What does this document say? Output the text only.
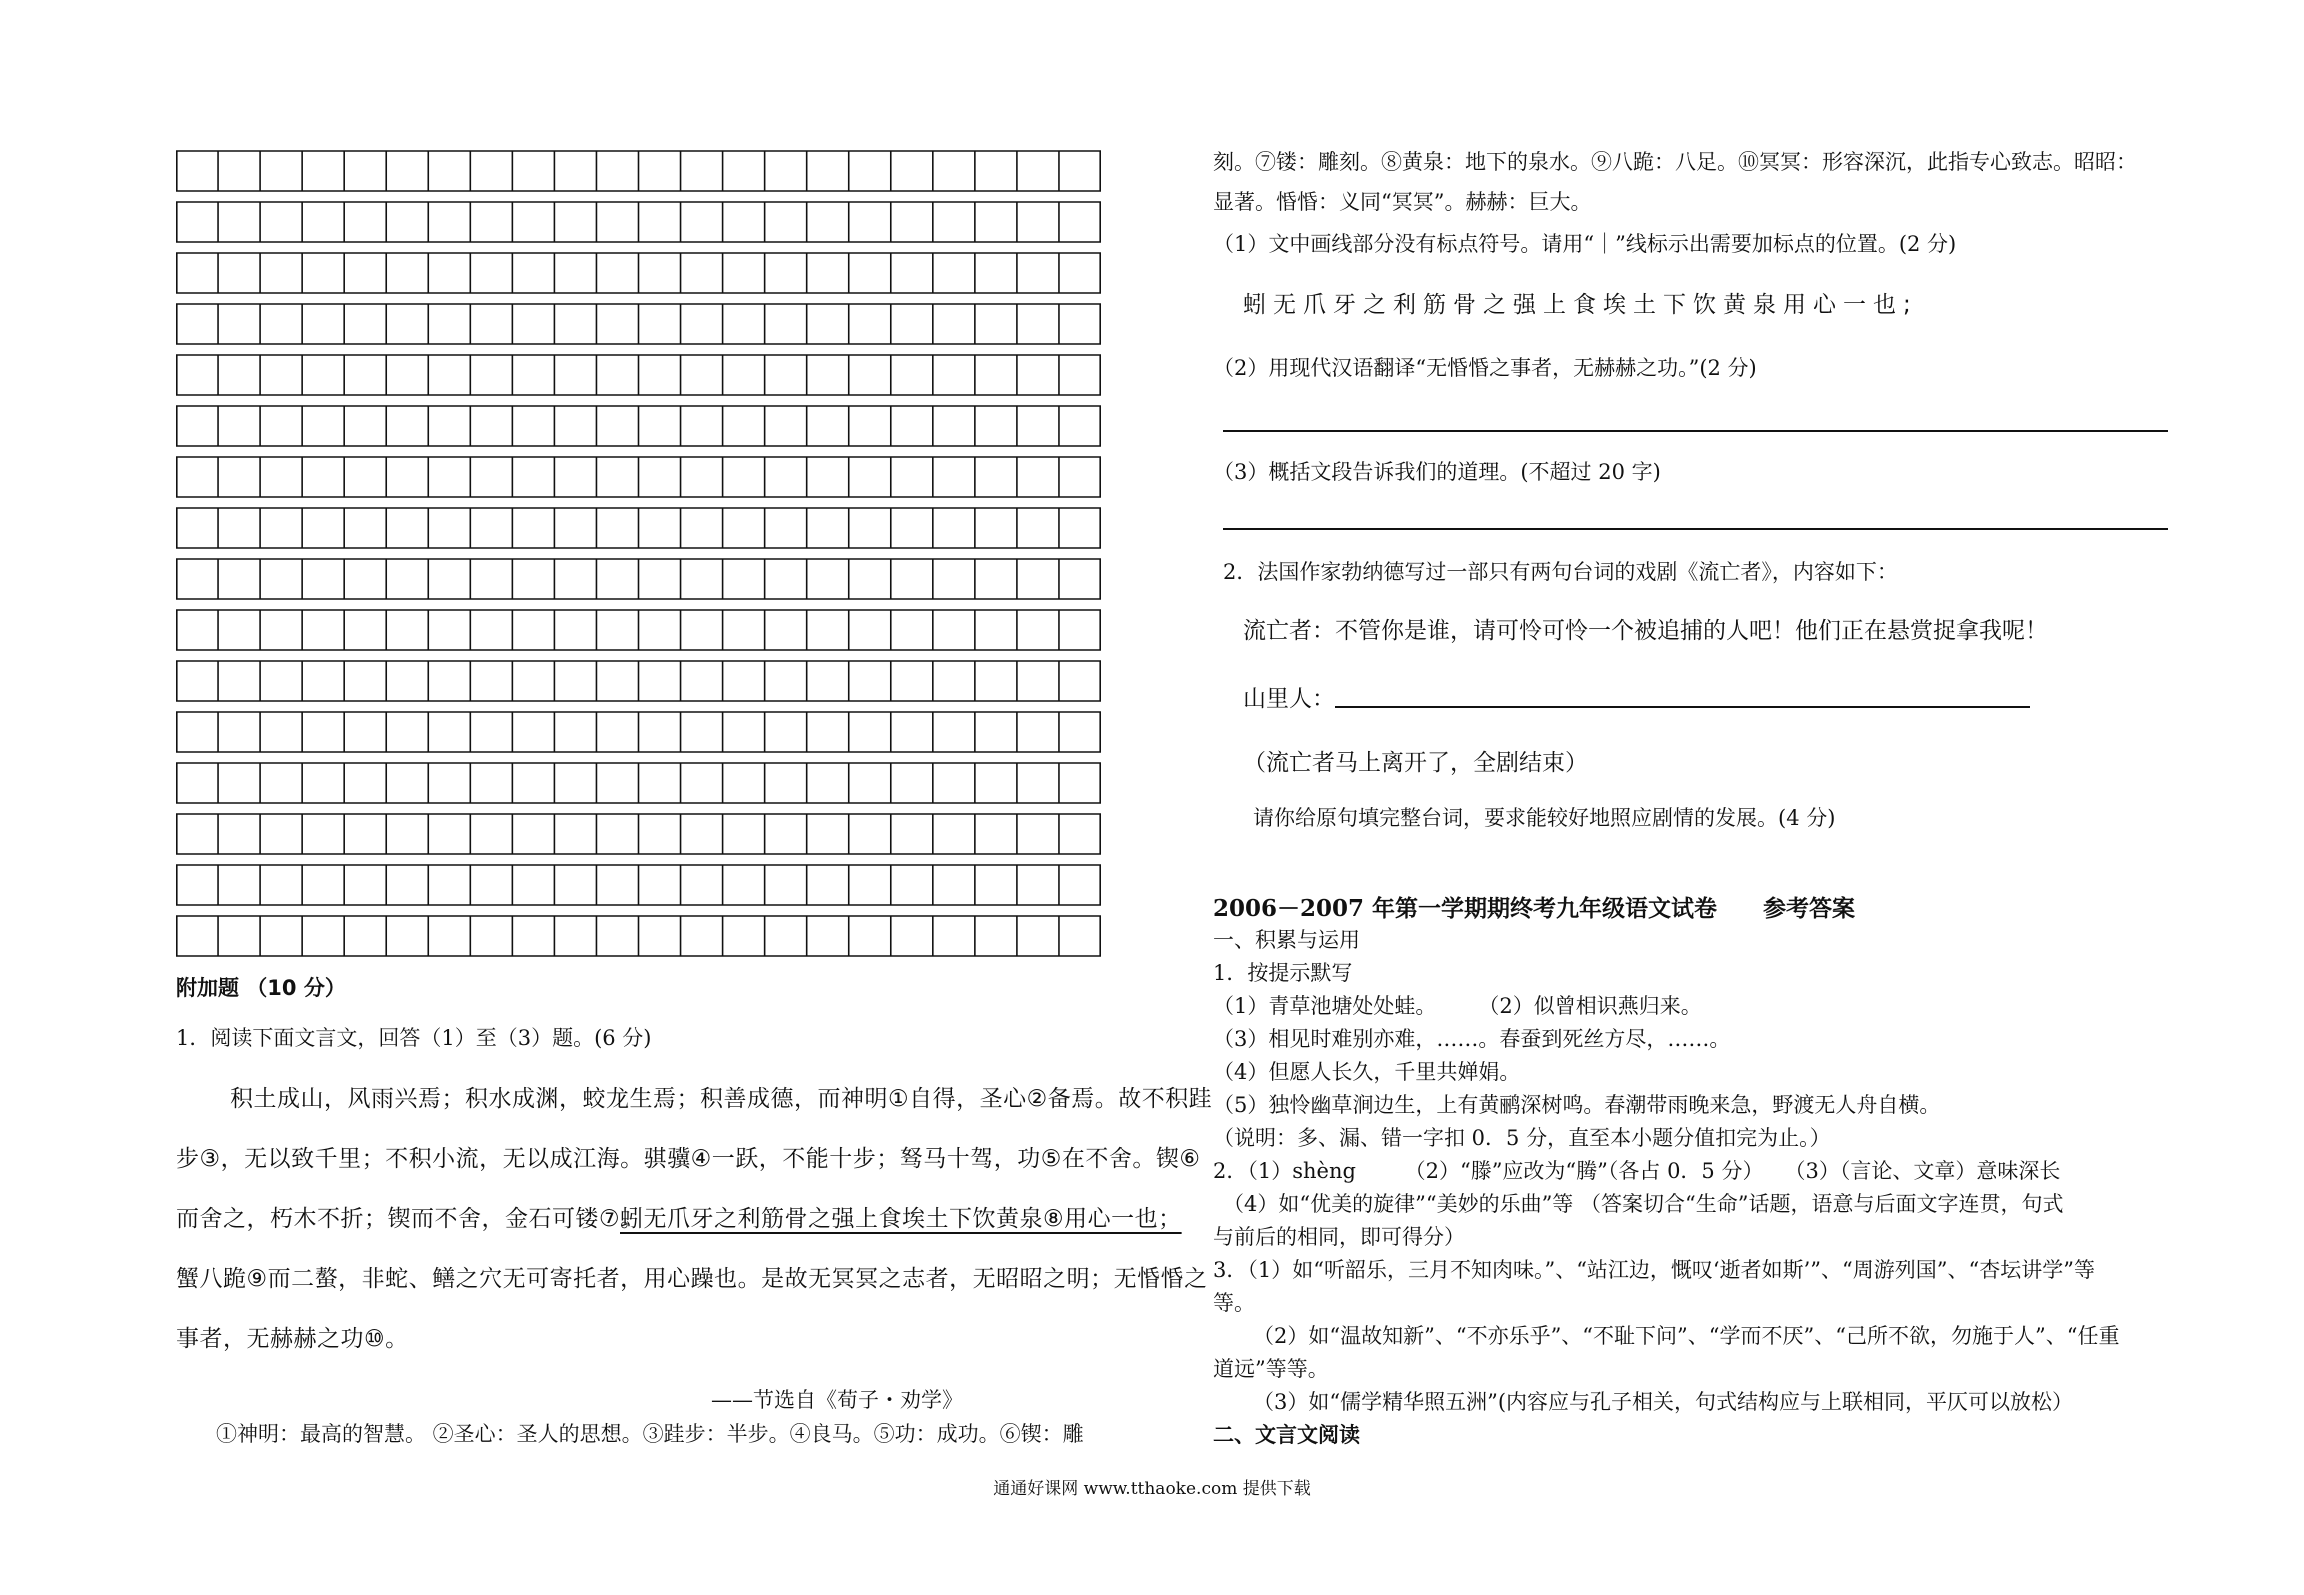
附加题 （10 分）
1．阅读下面文言文，回答（1）至（3）题。(6 分)
积土成山，风雨兴焉；积水成渊，蛟龙生焉；积善成德，而神明①自得，圣心②备焉。故不积跬
步③，无以致千里；不积小流，无以成江海。骐骥④一跃，不能十步；驽马十驾，功⑤在不舍。锲⑥
而舍之，朽木不折；锲而不舍，金石可镂⑦。
蚓无爪牙之利筋骨之强上食埃土下饮黄泉⑧用心一也；
蟹八跪⑨而二螯，非蛇、鳝之穴无可寄托者，用心躁也。是故无冥冥之志者，无昭昭之明；无惛惛之
事者，无赫赫之功⑩。
——节选自《荀子・劝学》
①神明：最高的智慧。 ②圣心：圣人的思想。③跬步：半步。④良马。⑤功：成功。⑥锲：雕
刻。⑦镂：雕刻。⑧黄泉：地下的泉水。⑨八跪：八足。⑩冥冥：形容深沉，此指专心致志。昭昭：
显著。惛惛：义同“冥冥”。赫赫：巨大。
（1）文中画线部分没有标点符号。请用“｜”线标示出需要加标点的位置。(2 分)
蚓无爪牙之利筋骨之强上食埃土下饮黄泉用心一也;
（2）用现代汉语翻译“无惛惛之事者，无赫赫之功。”(2 分)
（3）概括文段告诉我们的道理。(不超过 20 字)
2．法国作家勃纳德写过一部只有两句台词的戏剧《流亡者》，内容如下：
流亡者：不管你是谁，请可怜可怜一个被追捕的人吧！他们正在悬赏捉拿我呢！
山里人：
（流亡者马上离开了，全剧结束）
请你给原句填完整台词，要求能较好地照应剧情的发展。(4 分)
2006－2007 年第一学期期终考九年级语文试卷　　参考答案
一、积累与运用
1．按提示默写
（1）青草池塘处处蛙。　　　（2）似曾相识燕归来。
（3）相见时难别亦难，……。春蚕到死丝方尽，……。
（4）但愿人长久，千里共婵娟。
（5）独怜幽草涧边生，上有黄鹂深树鸣。春潮带雨晚来急，野渡无人舟自横。
（说明：多、漏、错一字扣 0．5 分，直至本小题分值扣完为止。）
2．（1）shèng　　 （2）“滕”应改为“腾”（各占 0．5 分）　　（3）（言论、文章）意味深长
（4）如“优美的旋律”“美妙的乐曲”等 （答案切合“生命”话题，语意与后面文字连贯，句式
与前后的相同，即可得分）
3．（1）如“听韶乐，三月不知肉味。”、“站江边，慨叹‘逝者如斯’”、“周游列国”、“杏坛讲学”等
等。
（2）如“温故知新”、“不亦乐乎”、“不耻下问”、“学而不厌”、“己所不欲，勿施于人”、“任重
道远”等等。
（3）如“儒学精华照五洲”(内容应与孔子相关，句式结构应与上联相同，平仄可以放松）
二、文言文阅读
通通好课网 www.tthaoke.com 提供下载
